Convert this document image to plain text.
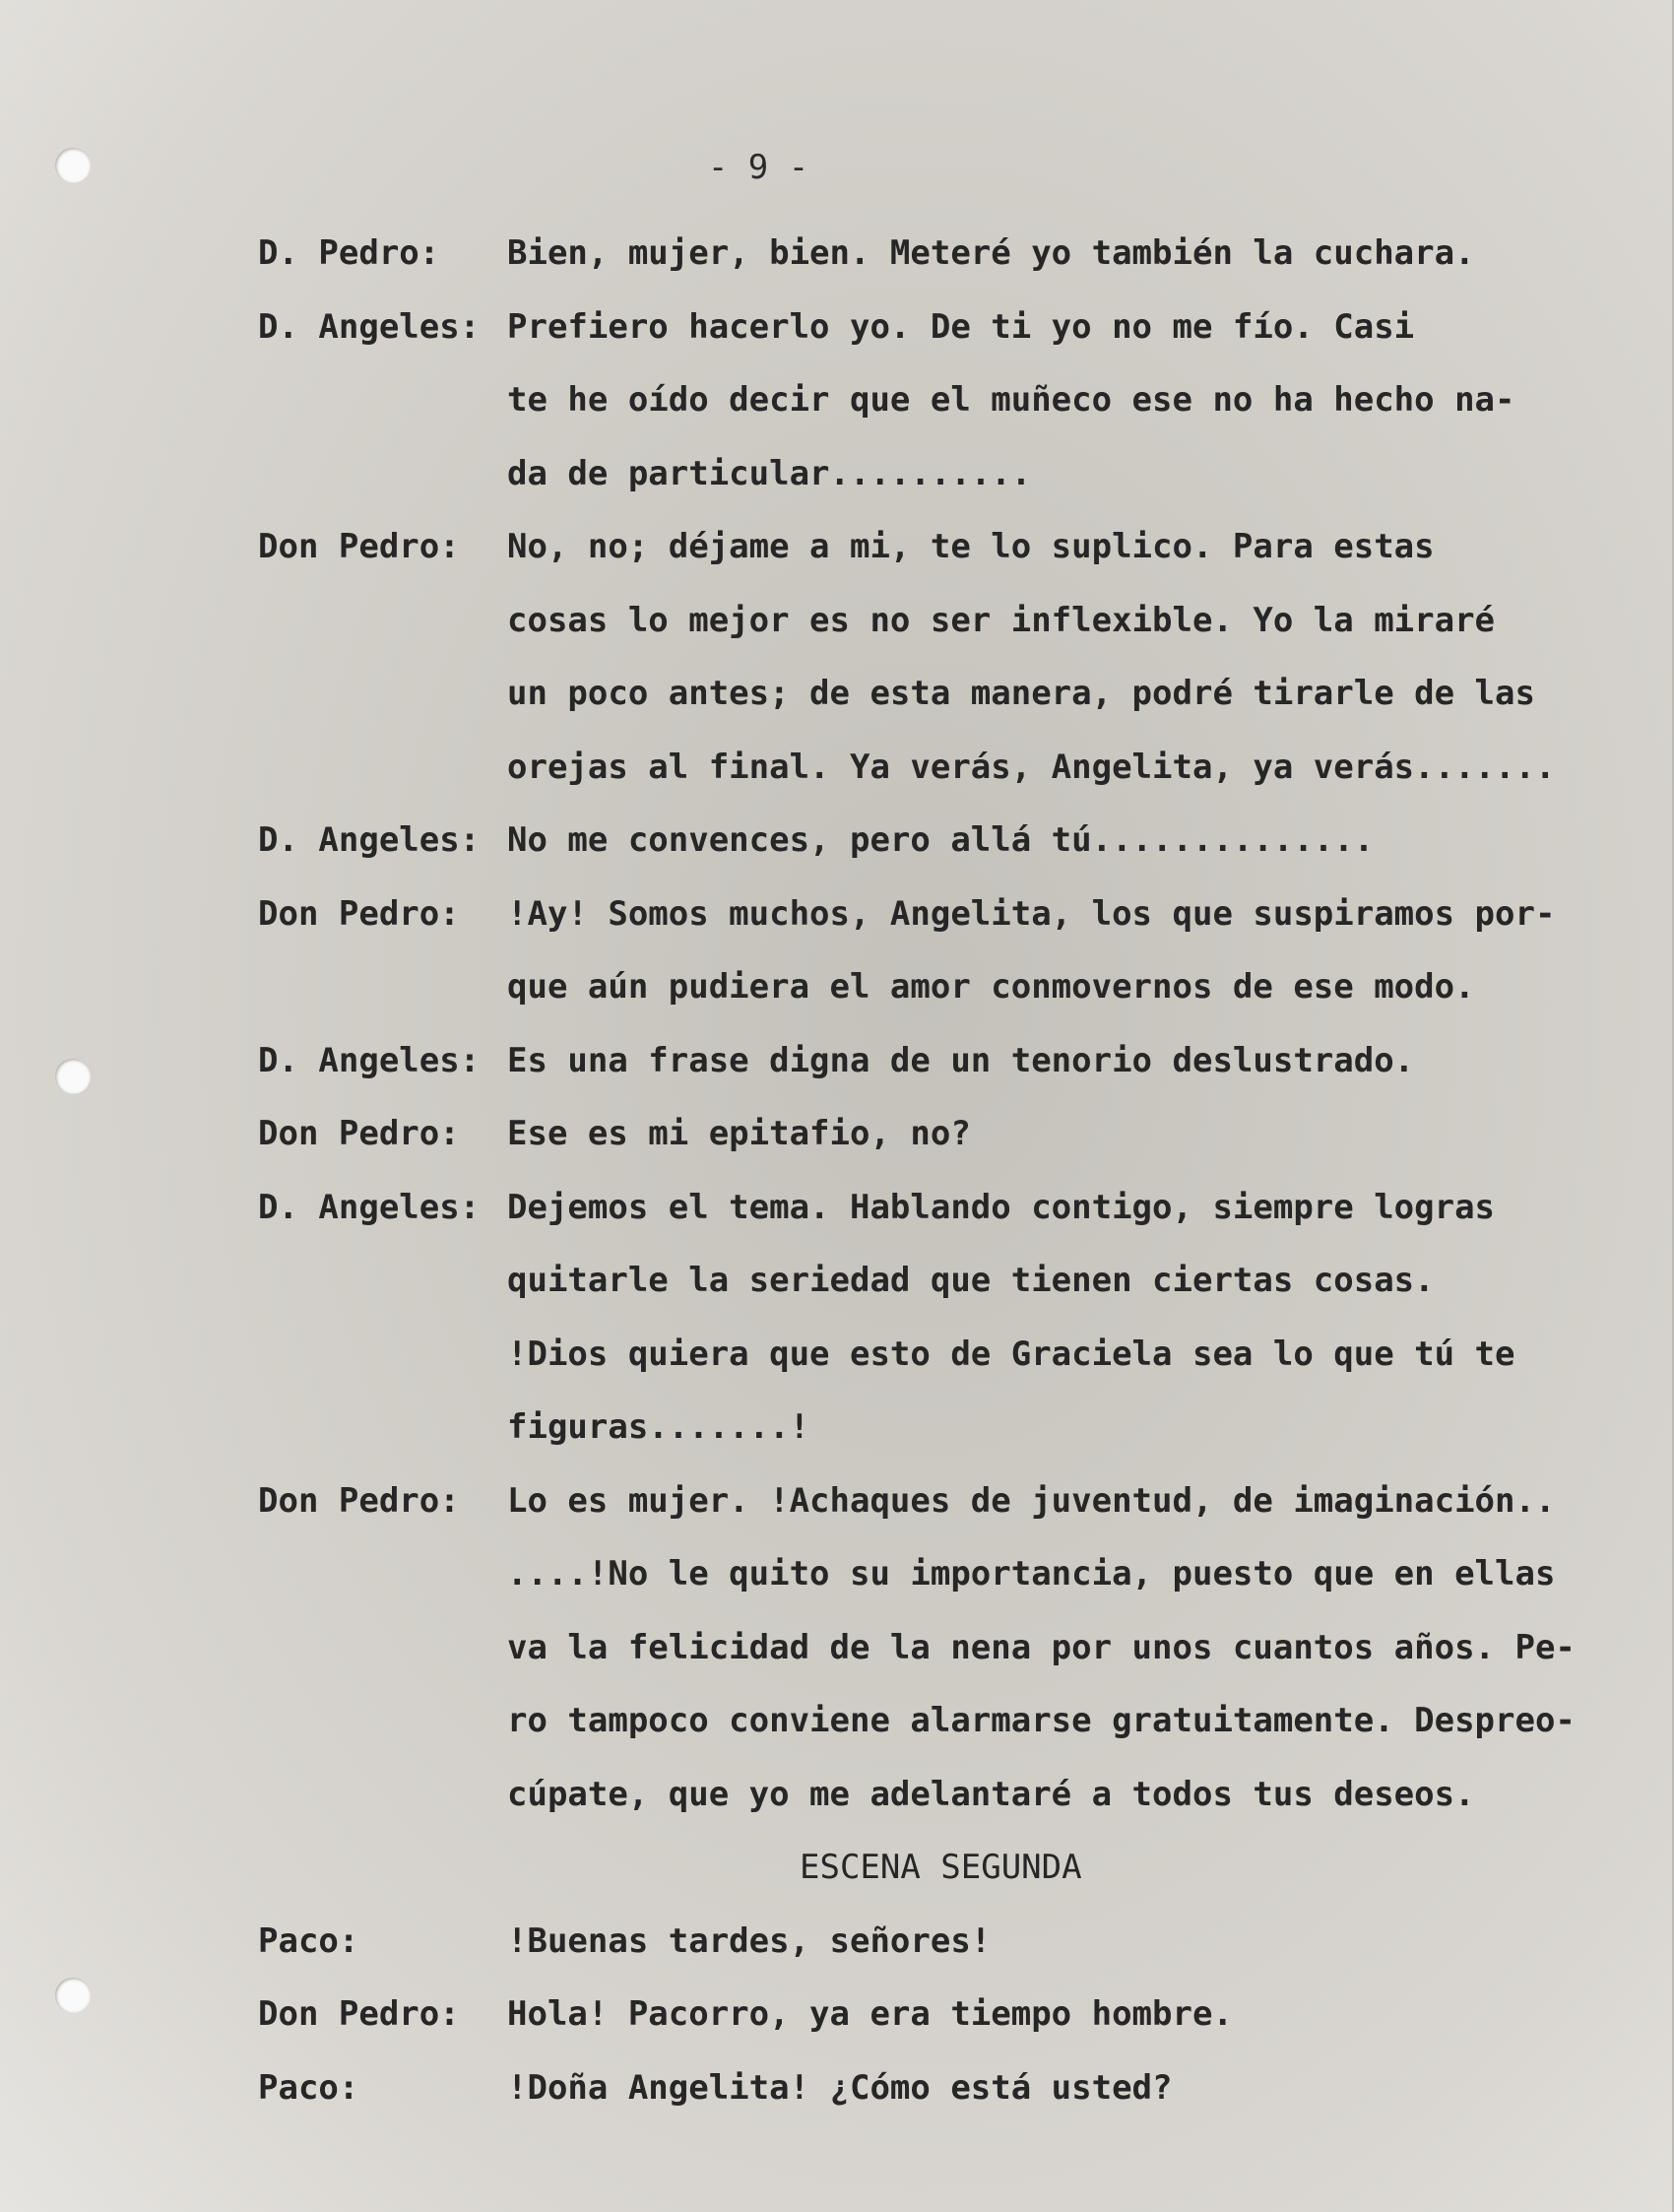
- 9 -
D. Pedro: Bien, mujer, bien. Meteré yo también la cuchara.
D. Angeles: Prefiero hacerlo yo. De ti yo no me fío. Casi
te he oído decir que el muñeco ese no ha hecho na-
da de particular..........
Don Pedro: No, no; déjame a mi, te lo suplico. Para estas
cosas lo mejor es no ser inflexible. Yo la miraré
un poco antes; de esta manera, podré tirarle de las
orejas al final. Ya verás, Angelita, ya verás.......
D. Angeles: No me convences, pero allá tú..............
Don Pedro: !Ay! Somos muchos, Angelita, los que suspiramos por-
que aún pudiera el amor conmovernos de ese modo.
D. Angeles: Es una frase digna de un tenorio deslustrado.
Don Pedro: Ese es mi epitafio, no?
D. Angeles: Dejemos el tema. Hablando contigo, siempre logras
quitarle la seriedad que tienen ciertas cosas.
!Dios quiera que esto de Graciela sea lo que tú te
figuras.......!
Don Pedro: Lo es mujer. !Achaques de juventud, de imaginación..
....!No le quito su importancia, puesto que en ellas
va la felicidad de la nena por unos cuantos años. Pe-
ro tampoco conviene alarmarse gratuitamente. Despreo-
cúpate, que yo me adelantaré a todos tus deseos.
ESCENA SEGUNDA
Paco:	!Buenas tardes, señores!
Don Pedro: Hola! Pacorro, ya era tiempo hombre.
Paco:	!Doña Angelita! ¿Cómo está usted?
